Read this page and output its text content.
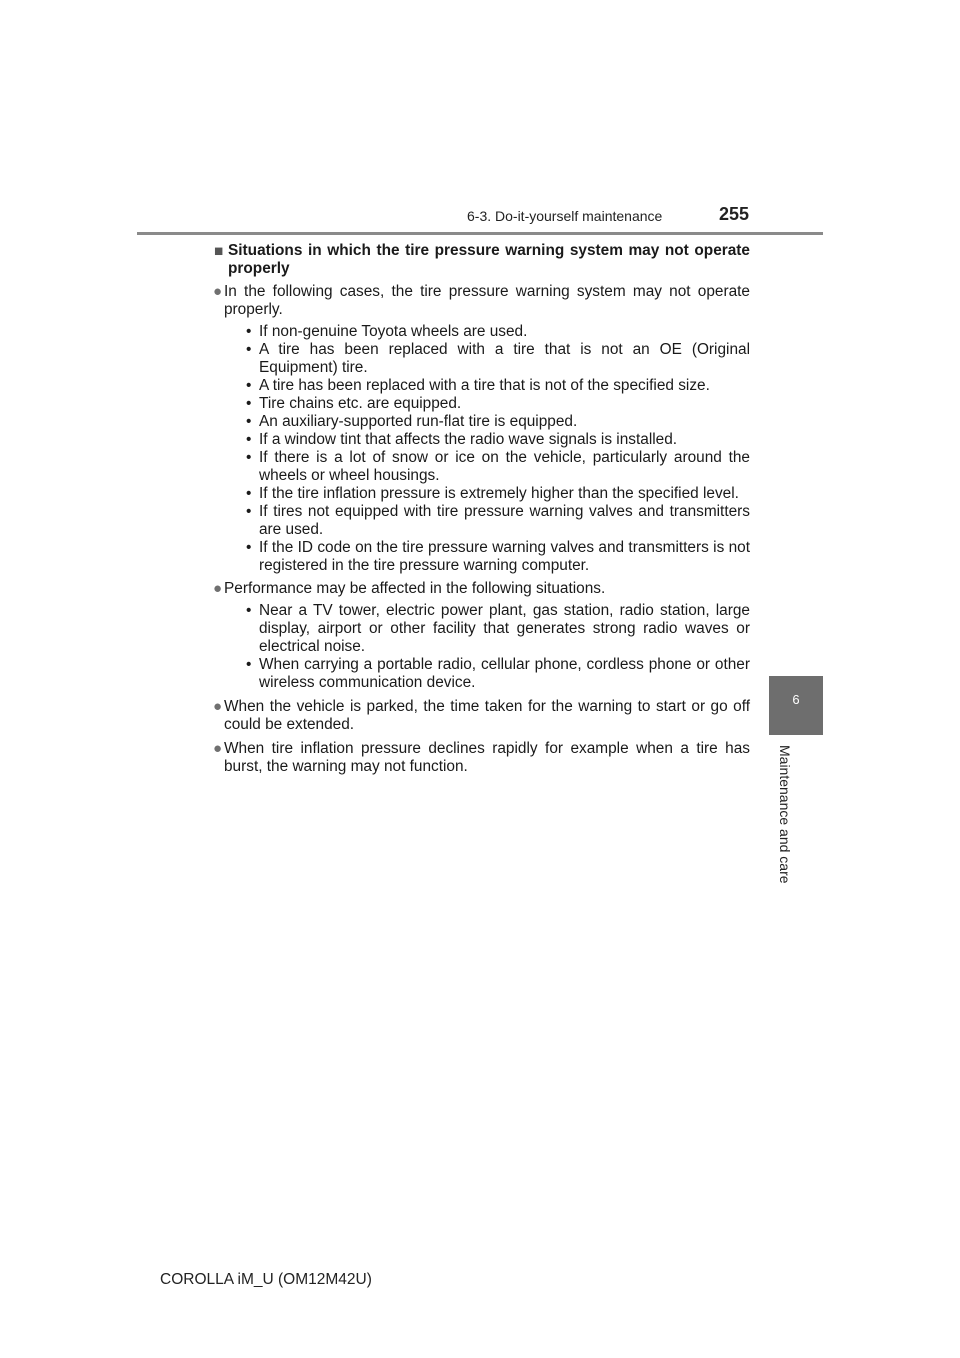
6-3. Do-it-yourself maintenance	255
6
Maintenance and care
■ Situations in which the tire pressure warning system may not operate properly
● In the following cases, the tire pressure warning system may not operate properly.
• If non-genuine Toyota wheels are used.
• A tire has been replaced with a tire that is not an OE (Original Equipment) tire.
• A tire has been replaced with a tire that is not of the specified size.
• Tire chains etc. are equipped.
• An auxiliary-supported run-flat tire is equipped.
• If a window tint that affects the radio wave signals is installed.
• If there is a lot of snow or ice on the vehicle, particularly around the wheels or wheel housings.
• If the tire inflation pressure is extremely higher than the specified level.
• If tires not equipped with tire pressure warning valves and transmitters are used.
• If the ID code on the tire pressure warning valves and transmitters is not registered in the tire pressure warning computer.
● Performance may be affected in the following situations.
• Near a TV tower, electric power plant, gas station, radio station, large display, airport or other facility that generates strong radio waves or electrical noise.
• When carrying a portable radio, cellular phone, cordless phone or other wireless communication device.
● When the vehicle is parked, the time taken for the warning to start or go off could be extended.
● When tire inflation pressure declines rapidly for example when a tire has burst, the warning may not function.
COROLLA iM_U (OM12M42U)
